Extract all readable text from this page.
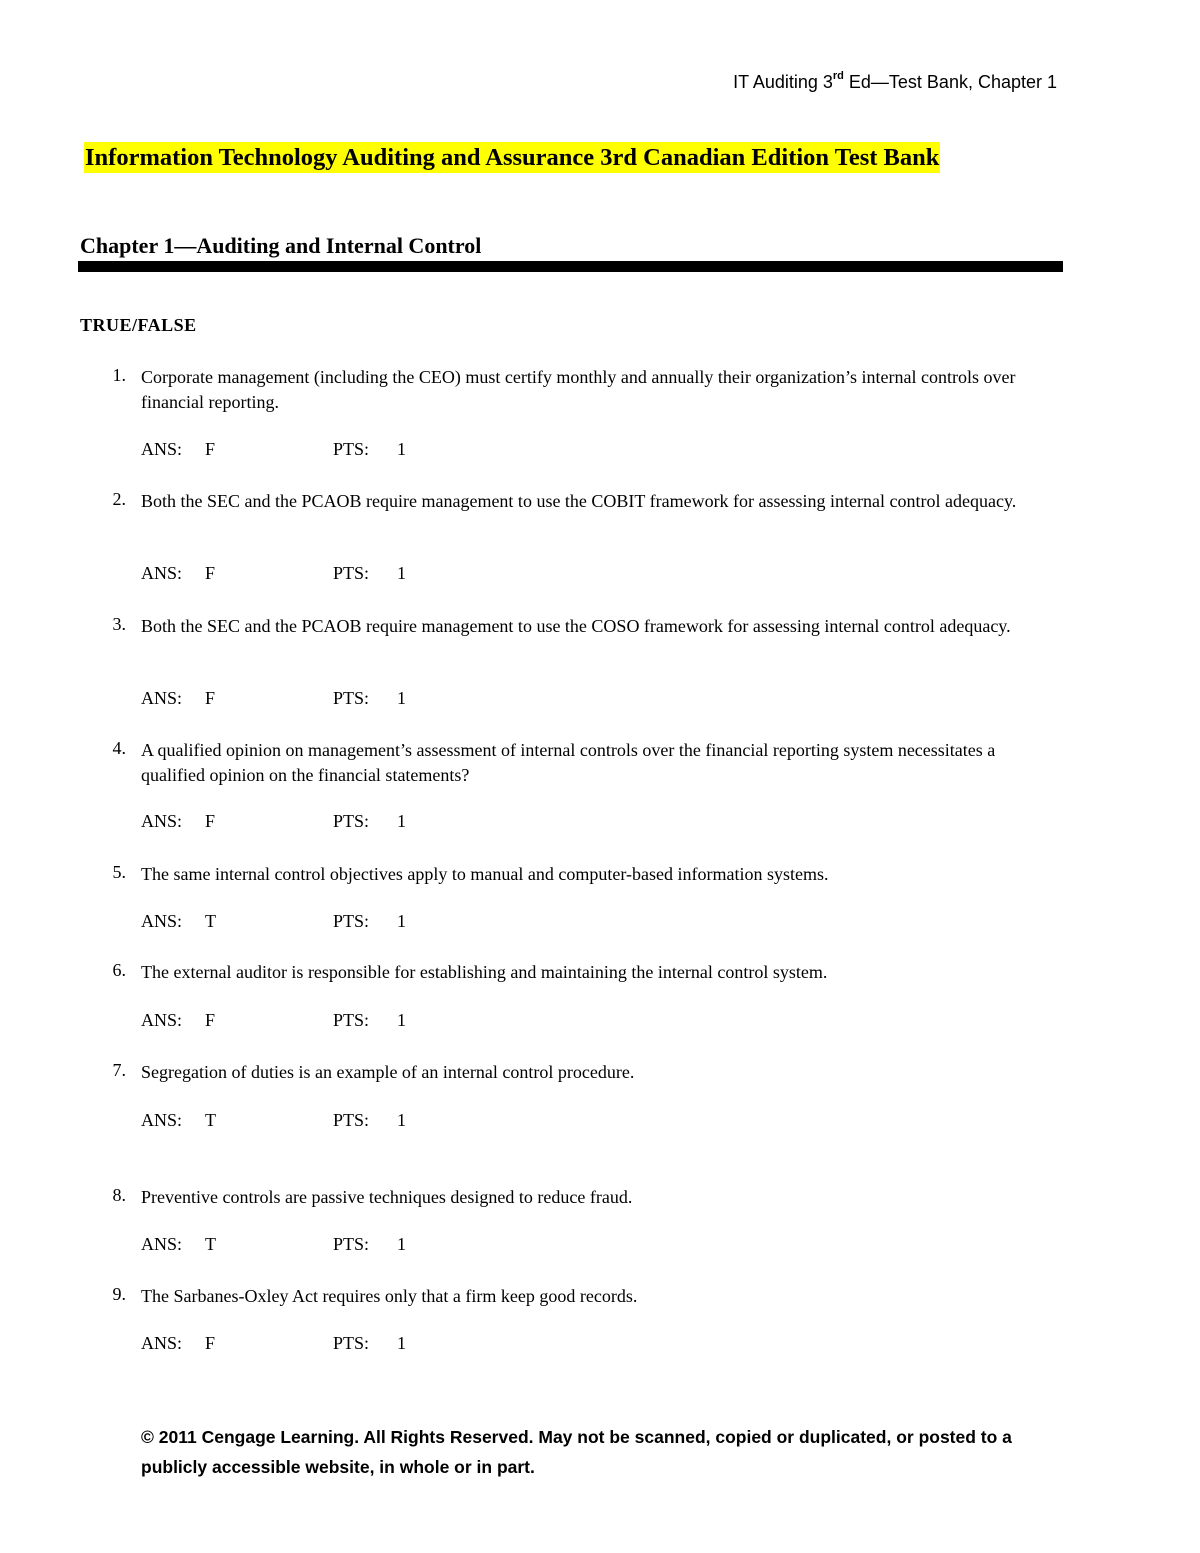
IT Auditing 3rd Ed—Test Bank, Chapter 1
Information Technology Auditing and Assurance 3rd Canadian Edition Test Bank
Chapter 1—Auditing and Internal Control
TRUE/FALSE
1. Corporate management (including the CEO) must certify monthly and annually their organization’s internal controls over financial reporting.
ANS: F	PTS: 1
2. Both the SEC and the PCAOB require management to use the COBIT framework for assessing internal control adequacy.
ANS: F	PTS: 1
3. Both the SEC and the PCAOB require management to use the COSO framework for assessing internal control adequacy.
ANS: F	PTS: 1
4. A qualified opinion on management’s assessment of internal controls over the financial reporting system necessitates a qualified opinion on the financial statements?
ANS: F	PTS: 1
5. The same internal control objectives apply to manual and computer-based information systems.
ANS: T	PTS: 1
6. The external auditor is responsible for establishing and maintaining the internal control system.
ANS: F	PTS: 1
7. Segregation of duties is an example of an internal control procedure.
ANS: T	PTS: 1
8. Preventive controls are passive techniques designed to reduce fraud.
ANS: T	PTS: 1
9. The Sarbanes-Oxley Act requires only that a firm keep good records.
ANS: F	PTS: 1
© 2011 Cengage Learning. All Rights Reserved. May not be scanned, copied or duplicated, or posted to a publicly accessible website, in whole or in part.
